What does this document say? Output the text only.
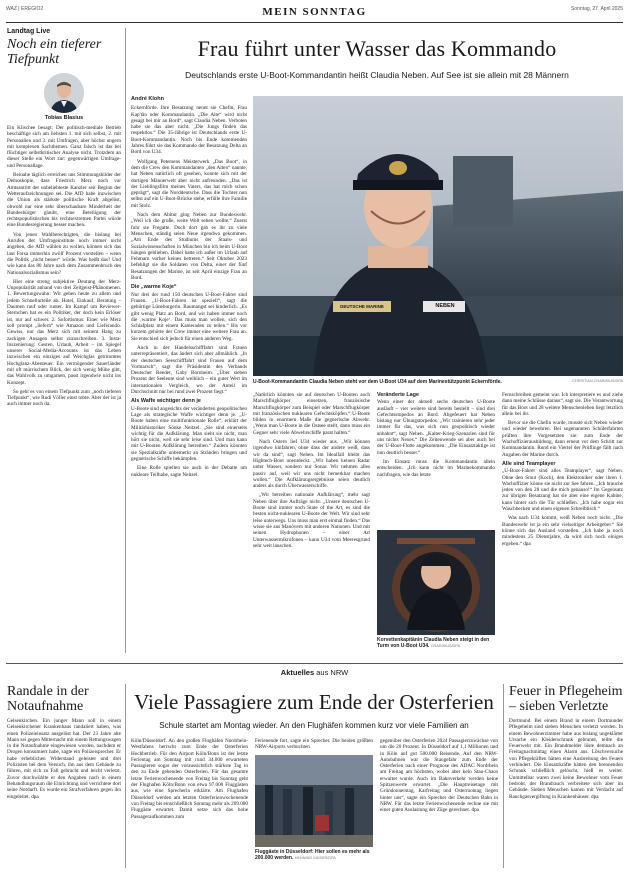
WAZ | EREGIO2	Sonntag, 27. April 2025
MEIN SONNTAG
Landtag Live
Noch ein tieferer Tiefpunkt
Tobias Blasius

Ein Klischee besagt: Der politisch-mediale Betrieb beschäftige sich am liebsten 1. mit sich selbst, 2. mit Personalien und 3. mit Umfragen, aber höchst ungern mit komplexen Sachthemen. Ganz falsch ist das bei flüchtiger selbstkritischer Analyse nicht. Trotzdem an dieser Stelle ein Wort zur: gegenwärtigen Umfrage- und Personallage.

Beinahe täglich erreichen uns Stimmungsbilder der Demoskopie, dass Friedrich Merz noch vor Amtsantritt der unbeliebteste Kanzler seit Beginn der Wetteraufzeichnungen sei. Die AfD habe inzwischen die Union als stärkste politische Kraft abgelöst, obwohl nur eine sehr überschaubare Minderheit der Bundesbürger glaubt, eine Beteiligung der rechtspopulistischen bis rechtsextremen Partei würde eine Bundesregierung besser machen.

Von jenen Wahlberechtigten, die bislang bei Anrufen der Umfrageinstitute noch immer nicht angeben, die AfD wählen zu wollen, können sich das laut Forsa immerhin zwölf Prozent vorstellen – wenn die Politik „nicht besser“ würde. Was heißt das? Und wie kann das 80 Jahre nach dem Zusammenbruch des Nationalsozialismus sein?

Hier eine streng subjektive Deutung der Merz-Unpopularität anhand von drei Zeitgeist-Phänomenen. 1. Bewertungswahn: Wir geben heute zu allem und jedem Schnellurteile ab. Hotel, Einkauf, Beratung – Daumen rauf oder runter. Im Kampf um Reviewer-Sternchen hat es ein Politiker, der doch kein Erlöser ist, nur auf schwer. 2. Sofortismus: Einer wie Merz soll prompt „liefern“ wie Amazon und Lieferando. Gewiss, nur das Merz sich mit seinem Hang zu zackigen Ansagen selbst zuzuschreiben. 3. Insta-Inszenierung: Gesten, Urlaub, Arbeit – im Spiegel unserer Social-Media-Accounts ist das Leben inzwischen ein einziges auf Weichglas getrimmtes Hochglanz-Abenteuer. Ein vermögender Sauerländer mit oft mürrischem Blick, der sich wenig Mühe gibt, das Wahlvolk zu umgarnen, passt irgendwie nicht ins Konzept.

So geht es von einem Tiefpunkt zum „noch tieferen Tiefpunkt“, wie Rudi Völler einst tobte. Aber der ist ja auch immer noch da.

Frau führt unter Wasser das Kommando
Deutschlands erste U-Boot-Kommandantin heißt Claudia Neben. Auf See ist sie allein mit 28 Männern
André Klohn

Eckernförde. Ihre Besatzung nennt sie Chefin, Frau Kap'tän oder Kommandantin. „Die Alte“ wird nicht gesagt bei mir an Bord“, sagt Claudia Neben. Verboten habe sie das aber nicht. „Die Jungs finden das respektlos.“ Die 35-Jährige ist Deutschlands erste U-Boot-Kommandantin. Noch bis Ende kommenden Jahres führt sie das Kommando der Besatzung Delta an Bord von U34.

Wolfgang Petersens Meisterwerk „Das Boot“, in dem die Crew den Kommandanten „den Alten“ nannte, hat Neben natürlich oft gesehen, konnte sich mit der dortigen Männerwelt aber nicht anfreunden. „Das ist der Lieblingsfilm meines Vaters, das hat mich schon geprägt“, sagt die Norddeutsche. Dass die Tochter nun selbst auf ein U-Boot-Brücke stehe, erfülle ihre Familie mit Stolz.

Nach dem Abitur ging Neben zur Bundeswehr. „Weil ich die große, weite Welt sehen wollte.“ Zuerst fuhr sie Fregatte. Doch dort gab es ihr zu viele Menschen, ständig seien Neue irgendwo gekommen. „Am Ende des Studiums der Staats- und Sozialwissenschaften in München bin ich beim U-Boot hängen geblieben. Dabei hatte ich außer im Urlaub auf Fehmarn vorher keines betreten.“ Seit Oktober 2023 befehligt sie die Soldaten von Delta, einer der fünf Besatzungen der Marine, ist seit April einzige Frau an Bord.

Die „warme Koje“

Nur drei der rund 150 deutschen U-Boot-Fahrer sind Frauen. „U-Boot-Fahren ist speziell“, sagt die gebürtige Lüneburgerin. Raumangst sei hinderlich. „Es gibt wenig Platz an Bord, und wir haben immer noch die ‚warme Koje‘. Das muss man wollen, sich den Schlafplatz mit einem Kameraden zu teilen.“ Bis vor kurzem gehörte der Crew immer eine weitere Frau an. Sie entschied sich jedoch für einen anderen Weg.

Auch in der Handelsschifffahrt sind Frauen unterrepräsentiert, das ändert sich aber allmählich. „In der deutschen Seeschifffahrt sind Frauen auf dem Vormarsch“, sagt die Präsidentin des Verbands Deutscher Reeder, Gaby Bornheim. „Über sieben Prozent der Seeleute sind weiblich – ein guter Wert im internationalen Vergleich, wo der Anteil im Durchschnitt nur bei rund zwei Prozent liegt.“

Als Waffe wichtiger denn je

U-Boote sind angesichts der veränderten geopolitischen Lage als strategische Waffe wichtiger denn je. „U-Boote haben eine multifunktionale Rolle“, erklärt der Militärhistoriker Sönke Neitzel. „Sie sind einerseits wichtig für die Aufklärung. Man sieht sie nicht, man hört sie nicht, weil sie sehr leise sind. Und man kann mit U-Booten Aufklärung betreiben.“ Zudem könnten sie Spezialkräfte unbemerkt an Stränden bringen und gegnerische Schiffe bekämpfen.

Eine Rolle spielten sie auch in der Debatte um nukleare Teilhabe, sagte Neitzel.

NEBEN
DEUTSCHE MARINE
U-Boot-Kommandantin Claudia Neben steht vor dem U-Boot U34 auf dem Marinestützpunkt Eckernförde.	CHRISTIAN CHARISIUS/DPA

„Natürlich könnten sie auf deutschen U-Booten auch Marschflugkörper einsetzen, französische Marschflugkörper zum Beispiel oder Marschflugkörper mit französischen nuklearen Gefechtsköpfen.“ U-Boote bilden in enormem Maße die gegnerische Abwehr. „Wenn man U-Boote in die Ostsee stellt, dann muss ein Gegner sehr viele Abwehrschiffe parat halten.“

Nach Ostern lief U34 wieder aus. „Wir können irgendwo hinfahren, ohne dass der andere weiß, dass wir da sind“, sagt Neben. Im Idealfall bleibt das Hightech-Boot unentdeckt. „Wir haben keinen Radar unter Wasser, sondern nur Sonar. Wir nehmen alles passiv auf, weil wir uns nicht bemerkbar machen wollen.“ Die Aufklärungsergebnisse seien deutlich anders als durch Überwasserschiffe.

„Wir betreiben nationale Aufklärung“, mehr sagt Neben über ihre Aufträge nicht. „Unsere deutschen U-Boote sind immer noch State of the Art, es sind die besten nicht-nuklearen U-Boote der Welt. Wir sind sehr leise unterwegs. Uns muss man erst einmal finden.“ Das wisse sie aus Manövern mit anderen Nationen. Und mit seinen Hydrophonen – einer Art Unterwassermikrofonen – kann U34 vom Meeresgrund sehr weit lauschen.

Veränderte Lage

Wenn einer der aktuell sechs deutschen U-Boote ausläuft – vier weitere sind bereits bestellt – sind drei Gefechtsstopedos an Bord. Abgefeuert hat Neben bislang nur Übungstorpedos. „Wir trainieren sehr jeder immer für das, was sich nun geopolitisch wieder anbahnt“, sagt Neben. „Kalter-Krieg-Szenarien sind für uns nichts Neues.“ Die Zeitenwende sei aber auch bei der U-Boot-Flotte angekommen: „Die Einsatztaktige ist nun deutlich besser.“

Im Einsatz muss die Kommandantin allein entscheiden. „Ich kann nicht im Marinekommando nachfragen, wie das letzte

Korvettenkapitänin Claudia Neben steigt in den Turm von U-Boot U34. CHARISIUS/DPA

Fernschreiben gemeint war. Ich interpretiere es und ziehe dann meine Schlüsse daraus“, sagt sie. Die Verantwortung für das Boot und 28 weitere Menschenleben liegt letztlich allein bei ihr.

Bevor sie die Chefin wurde, musste sich Neben wieder und wieder bewehren. Bei sogenannten Schülerfahrten prüften ihre Vorgesetzten sie: zum Ende der Wachoffizierausbildung, dann erneut vor dem Schritt zur Kommandantin. Rund ein Viertel der Prüflinge fällt nach Angaben der Marine durch.

Alle sind Teamplayer

„U-Boot-Fahrer sind alles Teamplayer“, sagt Neben. Ohne den Smut (Koch), den Elektroniker oder ihren 1. Wachoffizier könne sie nicht zur See fahren. „Ich brauche jeden von den 28 und die mich genauso!“ Im Gegensatz zur übrigen Besatzung hat sie aber eine eigene Kabine, kann hinter sich die Tür schließen. „Ich habe sogar ein Waschbecken und einen eigenen Schreibtisch.“

Was nach U34 kommt, weiß Neben noch nicht. „Die Bundeswehr ist ja ein sehr vielseitiger Arbeitgeber.“ Sie könne sich das Ausland vorstellen. „Ich habe ja noch mindestens 25 Dienstjahre, da wird sich noch einiges ergeben.“ dpa

Aktuelles aus NRW
Randale in der Notaufnahme
Gelsenkirchen. Ein junger Mann soll in einem Gelsenkirchener Krankenhaus randaliert haben, was einen Polizeieinsatz ausgelöst hat. Der 23 Jahre alte Mann sei gegen Mitternacht mit einem Rettungswagen in die Notaufnahme eingewiesen worden, nachdem er Drogen konsumiert habe, sagte ein Polizeisprecher. Er habe erheblichen Widerstand geleistet und drei Polizisten bei dem Versuch, ihn aus dem Gebäude zu führen, mit sich zu Fall gebracht und leicht verletzt. Zuvor durchwühlte er den Angaben nach in einem Behandlungsraum die Einrichtung und verrichtete dort seine Notdurft. Es wurde ein Strafverfahren gegen ihn eingeleitet. dpa
Viele Passagiere zum Ende der Osterferien
Schule startet am Montag wieder. An den Flughäfen kommen kurz vor viele Familien an
Köln/Düsseldorf. An den großen Flughäfen Nordrhein-Westfalens herrscht zum Ende der Osterferien Hochbetrieb. Für den Airport Köln/Bonn ist der letzte Ferientag am Sonntag mit rund 34.000 erwarteten Passagieren sogar der voraussichtlich stärkste Tag in den zu Ende gehenden Osterferien. Für das gesamte letzte Ferienwochenende von Freitag bis Sonntag geht der Flughafen Köln/Bonn von etwa 97.000 Fluggästen aus, wie eine Sprecherin erklärte. Am Flughafen Düsseldorf werden am letzten Osterferienwochenende von Freitag bis einschließlich Sonntag mehr als 209.000 Fluggäste erwartet. Damit setze sich das hohe Passageraufkommen zum
Ferienende fort, sagte ein Sprecher. Die beiden größten NRW-Airports verbuchten
Fluggäste in Düsseldorf: Hier sollen es mehr als 200.000 werden. HENNING KAISER/DPA
gegenüber den Osterferien 2024 Passagierzuwächse von um die 20 Prozent. In Düsseldorf auf 1,1 Millionen und in Köln auf gut 500.000 Reisende. Auf den NRW-Autobahnen war die Staugefahr zum Ende der Osterferien nach einer Prognose des ADAC Nordrhein am Freitag am höchsten, wobei aber kein Stau-Chaos erwartet wurde. Auch im Bahnverkehr werden keine Spitzenwerte erwartet. „Die Hauptreisetage mit Gründonnerstag, Karfreitag und Ostermontag liegen hinter uns“, sagte ein Sprecher der Deutschen Bahn in NRW. Für das letzte Ferienwochenende rechne sie mit einer guten Auslastung der Züge gerechnet. dpa
Feuer in Pflegeheim – sieben Verletzte
Dortmund. Bei einem Brand in einem Dortmunder Pflegeheim sind sieben Menschen verletzt worden. In einem Bewohnerzimmer habe aus bislang ungeklärter Ursache ein Kleiderschrank gebrannt, teilte die Feuerwehr mit. Ein Brandmelder löste demnach an Freitagnachmittag einen Alarm aus. Löschversuche von Pflegekräften hätten eine Ausbreitung des Feuers verhindert. Die Einsatzkräfte hätten den brennenden Schrank schließlich gelöscht, hieß es weiter. Unmittelbar waren zwei keine Bewohner vom Feuer bedroht, der Brandrauch verbreitete sich aber im Gebäude. Sieben Menschen kamen mit Verdacht auf Rauchgasvergiftung in Krankenhäuser. dpa
